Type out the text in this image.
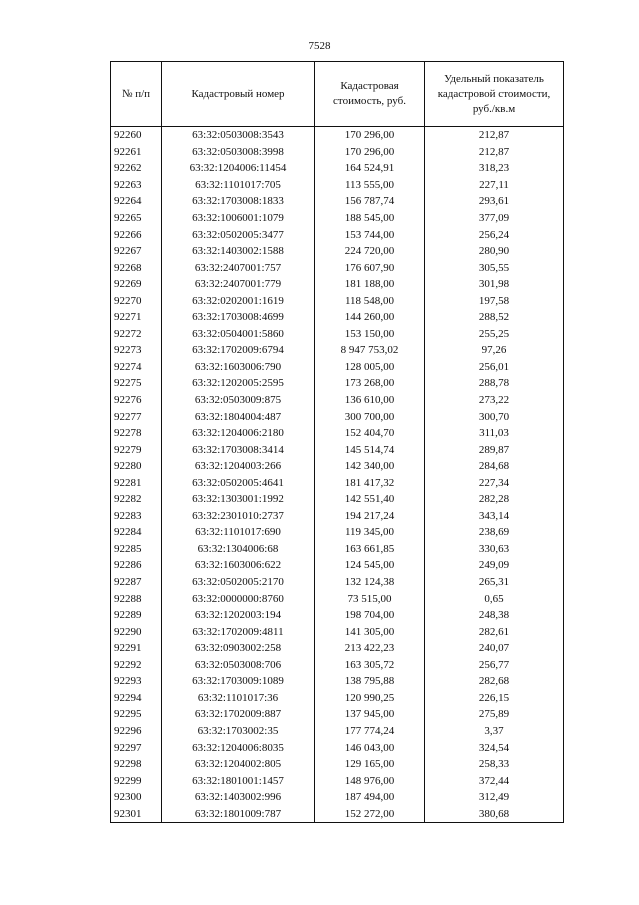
7528
№ п/п	Кадастровый номер	Кадастровая стоимость, руб.	Удельный показатель кадастровой стоимости, руб./кв.м
92260	63:32:0503008:3543	170 296,00	212,87
92261	63:32:0503008:3998	170 296,00	212,87
92262	63:32:1204006:11454	164 524,91	318,23
92263	63:32:1101017:705	113 555,00	227,11
92264	63:32:1703008:1833	156 787,74	293,61
92265	63:32:1006001:1079	188 545,00	377,09
92266	63:32:0502005:3477	153 744,00	256,24
92267	63:32:1403002:1588	224 720,00	280,90
92268	63:32:2407001:757	176 607,90	305,55
92269	63:32:2407001:779	181 188,00	301,98
92270	63:32:0202001:1619	118 548,00	197,58
92271	63:32:1703008:4699	144 260,00	288,52
92272	63:32:0504001:5860	153 150,00	255,25
92273	63:32:1702009:6794	8 947 753,02	97,26
92274	63:32:1603006:790	128 005,00	256,01
92275	63:32:1202005:2595	173 268,00	288,78
92276	63:32:0503009:875	136 610,00	273,22
92277	63:32:1804004:487	300 700,00	300,70
92278	63:32:1204006:2180	152 404,70	311,03
92279	63:32:1703008:3414	145 514,74	289,87
92280	63:32:1204003:266	142 340,00	284,68
92281	63:32:0502005:4641	181 417,32	227,34
92282	63:32:1303001:1992	142 551,40	282,28
92283	63:32:2301010:2737	194 217,24	343,14
92284	63:32:1101017:690	119 345,00	238,69
92285	63:32:1304006:68	163 661,85	330,63
92286	63:32:1603006:622	124 545,00	249,09
92287	63:32:0502005:2170	132 124,38	265,31
92288	63:32:0000000:8760	73 515,00	0,65
92289	63:32:1202003:194	198 704,00	248,38
92290	63:32:1702009:4811	141 305,00	282,61
92291	63:32:0903002:258	213 422,23	240,07
92292	63:32:0503008:706	163 305,72	256,77
92293	63:32:1703009:1089	138 795,88	282,68
92294	63:32:1101017:36	120 990,25	226,15
92295	63:32:1702009:887	137 945,00	275,89
92296	63:32:1703002:35	177 774,24	3,37
92297	63:32:1204006:8035	146 043,00	324,54
92298	63:32:1204002:805	129 165,00	258,33
92299	63:32:1801001:1457	148 976,00	372,44
92300	63:32:1403002:996	187 494,00	312,49
92301	63:32:1801009:787	152 272,00	380,68
